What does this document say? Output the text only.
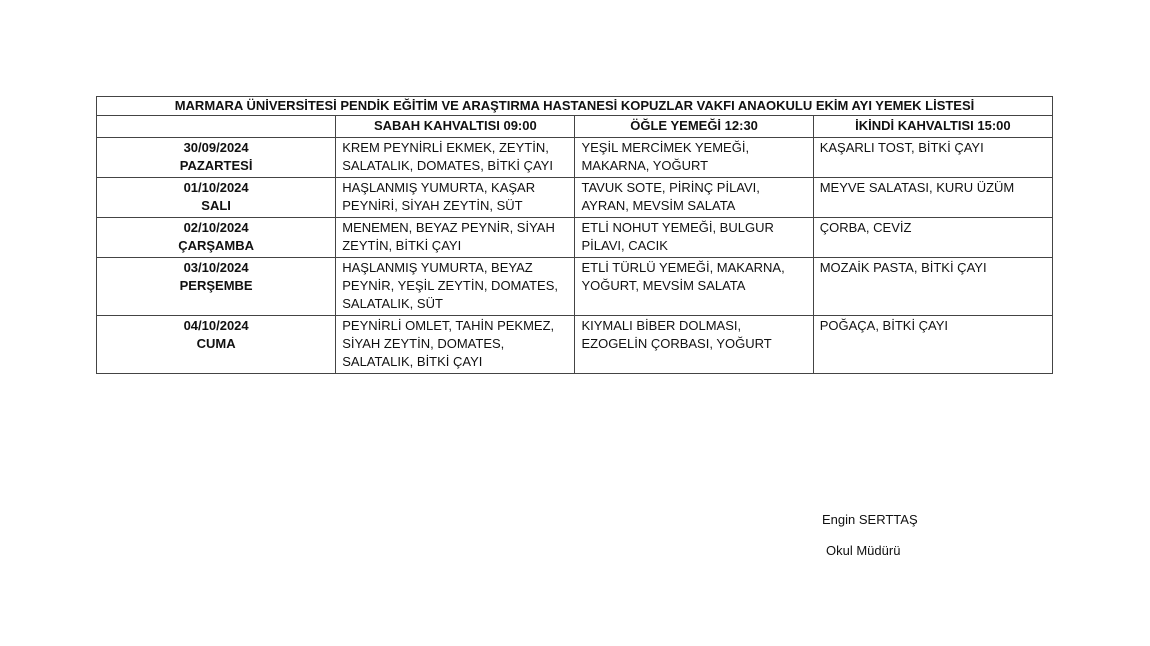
MARMARA ÜNİVERSİTESİ PENDİK EĞİTİM VE ARAŞTIRMA HASTANESİ KOPUZLAR VAKFI ANAOKULU EKİM AYI YEMEK LİSTESİ			
	SABAH KAHVALTISI 09:00	ÖĞLE YEMEĞİ 12:30	İKİNDİ KAHVALTISI 15:00

30/09/2024
PAZARTESİ	KREM PEYNİRLİ EKMEK, ZEYTİN, SALATALIK, DOMATES, BİTKİ ÇAYI	YEŞİL MERCİMEK YEMEĞİ, MAKARNA, YOĞURT	KAŞARLI TOST, BİTKİ ÇAYI

01/10/2024
SALI	HAŞLANMIŞ YUMURTA, KAŞAR PEYNİRİ, SİYAH ZEYTİN, SÜT	TAVUK SOTE, PİRİNÇ PİLAVI, AYRAN, MEVSİM SALATA	MEYVE SALATASI, KURU ÜZÜM

02/10/2024
ÇARŞAMBA	MENEMEN, BEYAZ PEYNİR, SİYAH ZEYTİN, BİTKİ ÇAYI	ETLİ NOHUT YEMEĞİ, BULGUR PİLAVI, CACIK	ÇORBA, CEVİZ

03/10/2024
PERŞEMBE	HAŞLANMIŞ YUMURTA, BEYAZ PEYNİR, YEŞİL ZEYTİN, DOMATES, SALATALIK, SÜT	ETLİ TÜRLÜ YEMEĞİ, MAKARNA, YOĞURT, MEVSİM SALATA	MOZAİK PASTA, BİTKİ ÇAYI

04/10/2024
CUMA	PEYNİRLİ OMLET, TAHİN PEKMEZ, SİYAH ZEYTİN, DOMATES, SALATALIK, BİTKİ ÇAYI	KIYMALI BİBER DOLMASI, EZOGELİN ÇORBASI, YOĞURT	POĞAÇA, BİTKİ ÇAYI
Engin SERTTAŞ
Okul Müdürü
